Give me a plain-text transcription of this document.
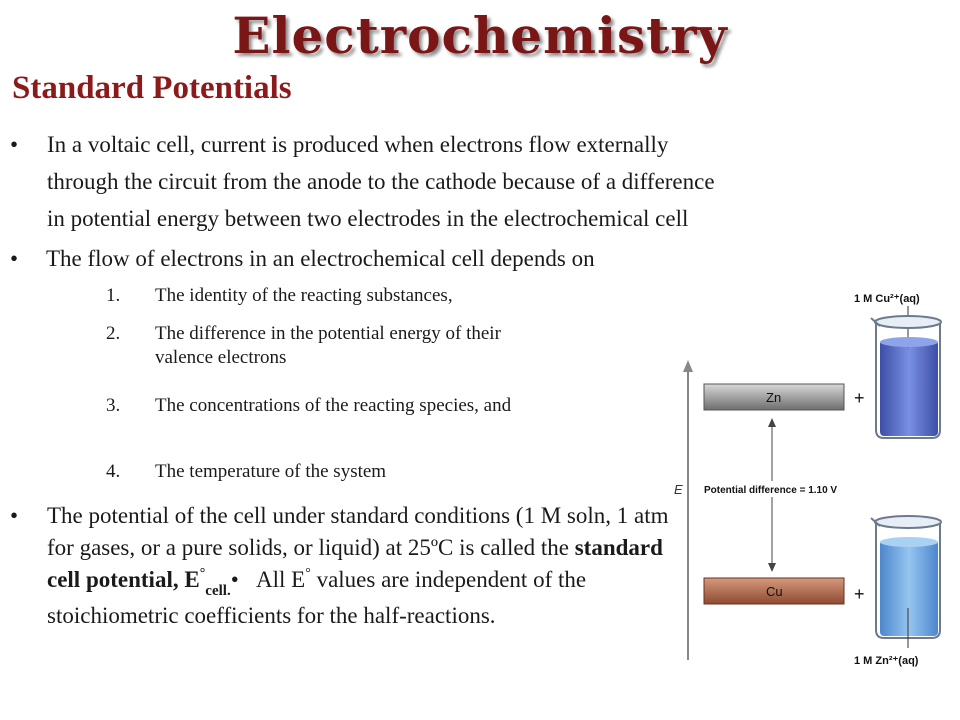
Electrochemistry
Standard Potentials
• In a voltaic cell, current is produced when electrons flow externally
through the circuit from the anode to the cathode because of a difference
in potential energy between two electrodes in the electrochemical cell
• The flow of electrons in an electrochemical cell depends on
1.	The identity of the reacting substances,
2.	The difference in the potential energy of their valence electrons
3.	The concentrations of the reacting species, and
4.	The temperature of the system
• The potential of the cell under standard conditions (1 M soln, 1 atm for gases, or a pure solids, or liquid) at 25ºC is called the standard cell potential, $E^\circ_{cell.}•$ All E° values are independent of the stoichiometric coefficients for the half-reactions.
E
Zn	+
Cu	+
Potential difference = 1.10 V
1 M Cu²⁺(aq)
1 M Zn²⁺(aq)
